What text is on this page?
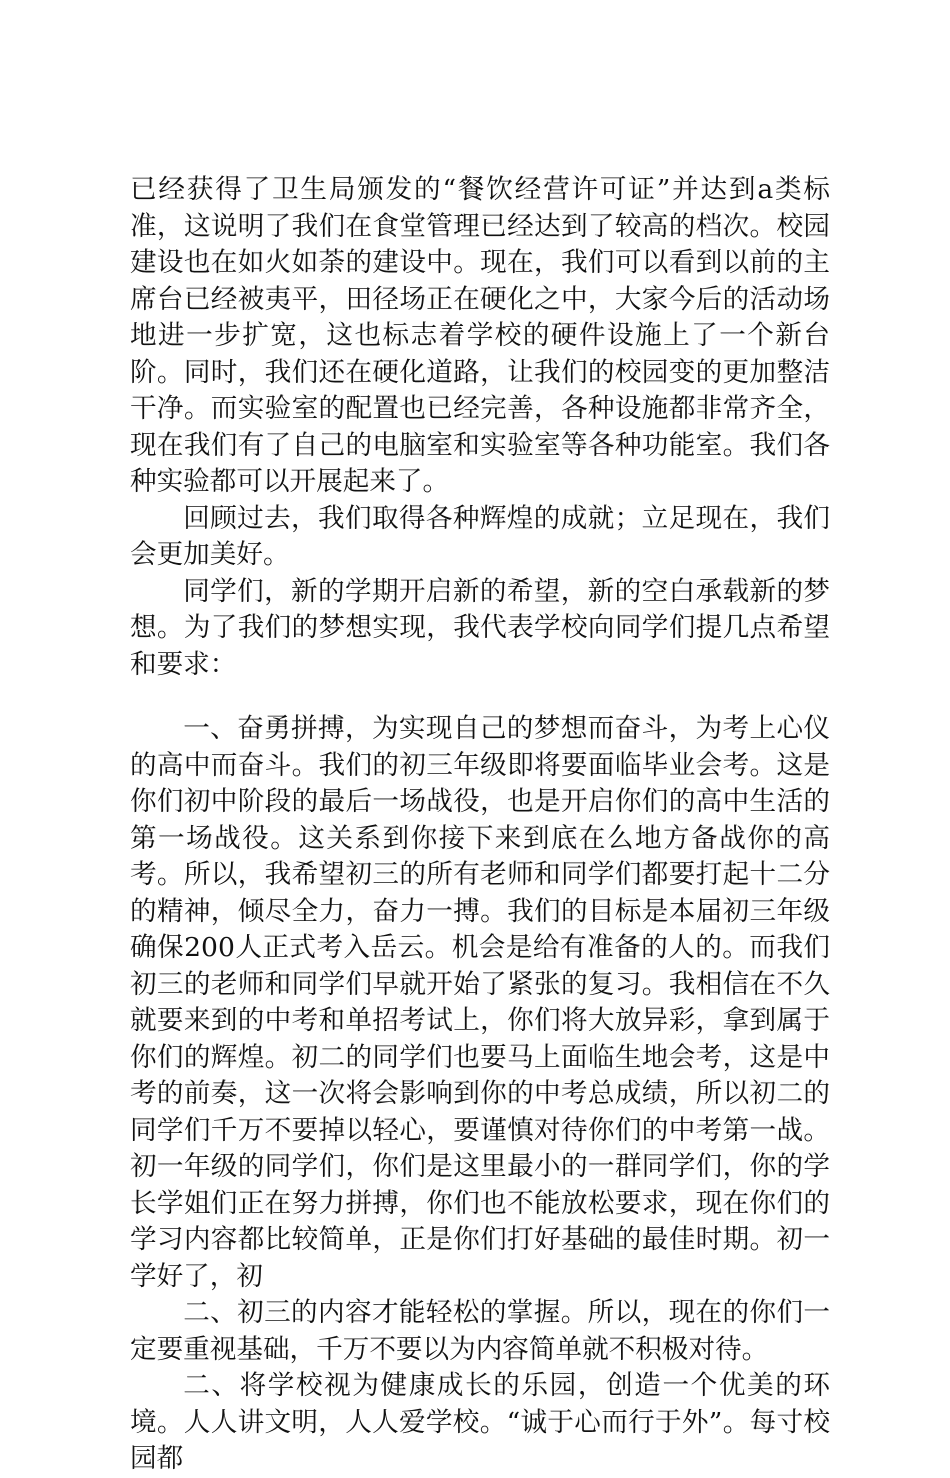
已经获得了卫生局颁发的“餐饮经营许可证”并达到a类标准，这说明了我们在食堂管理已经达到了较高的档次。校园建设也在如火如荼的建设中。现在，我们可以看到以前的主席台已经被夷平，田径场正在硬化之中，大家今后的活动场地进一步扩宽，这也标志着学校的硬件设施上了一个新台阶。同时，我们还在硬化道路，让我们的校园变的更加整洁干净。而实验室的配置也已经完善，各种设施都非常齐全，现在我们有了自己的电脑室和实验室等各种功能室。我们各种实验都可以开展起来了。

回顾过去，我们取得各种辉煌的成就；立足现在，我们会更加美好。

同学们，新的学期开启新的希望，新的空白承载新的梦想。为了我们的梦想实现，我代表学校向同学们提几点希望和要求：

一、奋勇拼搏，为实现自己的梦想而奋斗，为考上心仪的高中而奋斗。我们的初三年级即将要面临毕业会考。这是你们初中阶段的最后一场战役，也是开启你们的高中生活的第一场战役。这关系到你接下来到底在么地方备战你的高考。所以，我希望初三的所有老师和同学们都要打起十二分的精神，倾尽全力，奋力一搏。我们的目标是本届初三年级确保200人正式考入岳云。机会是给有准备的人的。而我们初三的老师和同学们早就开始了紧张的复习。我相信在不久就要来到的中考和单招考试上，你们将大放异彩，拿到属于你们的辉煌。初二的同学们也要马上面临生地会考，这是中考的前奏，这一次将会影响到你的中考总成绩，所以初二的同学们千万不要掉以轻心，要谨慎对待你们的中考第一战。初一年级的同学们，你们是这里最小的一群同学们，你的学长学姐们正在努力拼搏，你们也不能放松要求，现在你们的学习内容都比较简单，正是你们打好基础的最佳时期。初一学好了，初

二、初三的内容才能轻松的掌握。所以，现在的你们一定要重视基础，千万不要以为内容简单就不积极对待。

二、将学校视为健康成长的乐园，创造一个优美的环境。人人讲文明，人人爱学校。“诚于心而行于外”。每寸校园都
